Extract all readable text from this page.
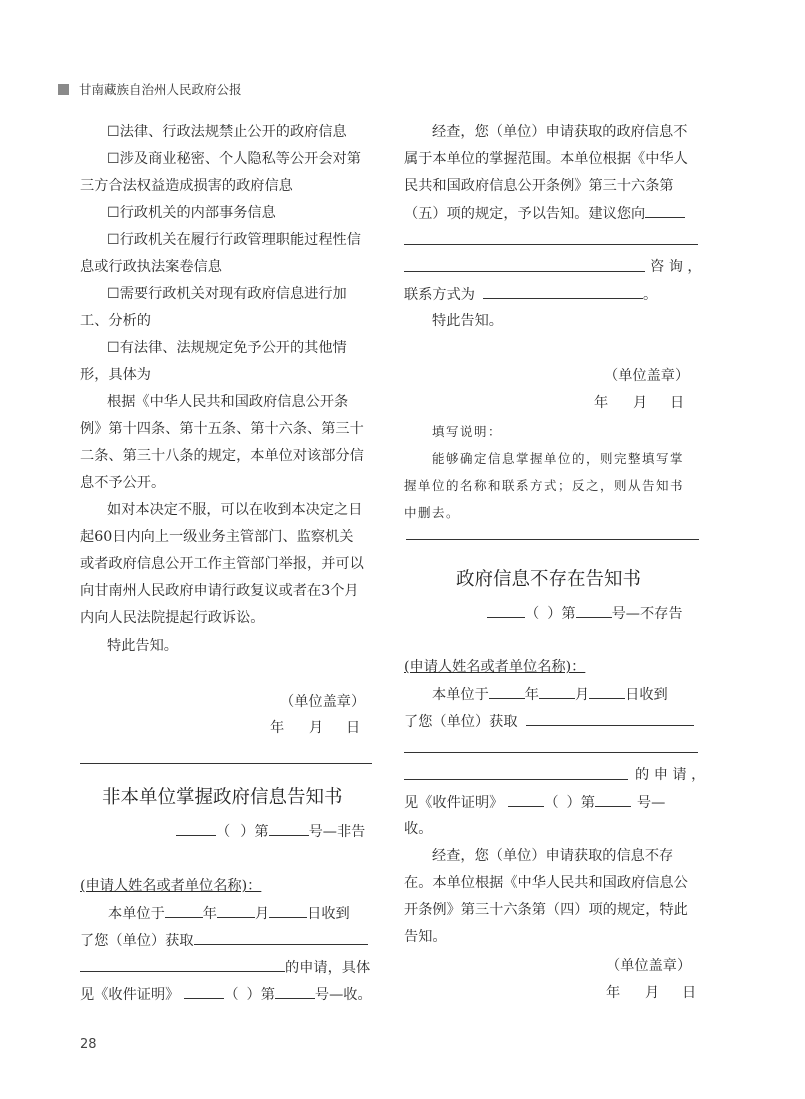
甘南藏族自治州人民政府公报
☐法律、行政法规禁止公开的政府信息
☐涉及商业秘密、个人隐私等公开会对第
三方合法权益造成损害的政府信息
☐行政机关的内部事务信息
☐行政机关在履行行政管理职能过程性信
息或行政执法案卷信息
☐需要行政机关对现有政府信息进行加
工、分析的
☐有法律、法规规定免予公开的其他情
形，具体为
根据《中华人民共和国政府信息公开条
例》第十四条、第十五条、第十六条、第三十
二条、第三十八条的规定，本单位对该部分信
息不予公开。
如对本决定不服，可以在收到本决定之日
起60日内向上一级业务主管部门、监察机关
或者政府信息公开工作主管部门举报，并可以
向甘南州人民政府申请行政复议或者在3个月
内向人民法院提起行政诉讼。
特此告知。
（单位盖章）
年 月 日
非本单位掌握政府信息告知书
（ ）第	号—非告
(申请人姓名或者单位名称)：
本单位于	年	月	日收到
了您（单位）获取
的申请，具体
见《收件证明》	（ ）第	号—收。
经查，您（单位）申请获取的政府信息不
属于本单位的掌握范围。本单位根据《中华人
民共和国政府信息公开条例》第三十六条第
（五）项的规定，予以告知。建议您向
咨 询 ，
联系方式为	。
特此告知。
（单位盖章）
年 月 日
填写说明：
能够确定信息掌握单位的，则完整填写掌
握单位的名称和联系方式；反之，则从告知书
中删去。
政府信息不存在告知书
（ ）第	号—不存告
(申请人姓名或者单位名称)：
本单位于	年	月	日收到
了您（单位）获取
的 申 请 ，
见《收件证明》	（ ）第	号—
收。
经查，您（单位）申请获取的信息不存
在。本单位根据《中华人民共和国政府信息公
开条例》第三十六条第（四）项的规定，特此
告知。
（单位盖章）
年 月 日
28
